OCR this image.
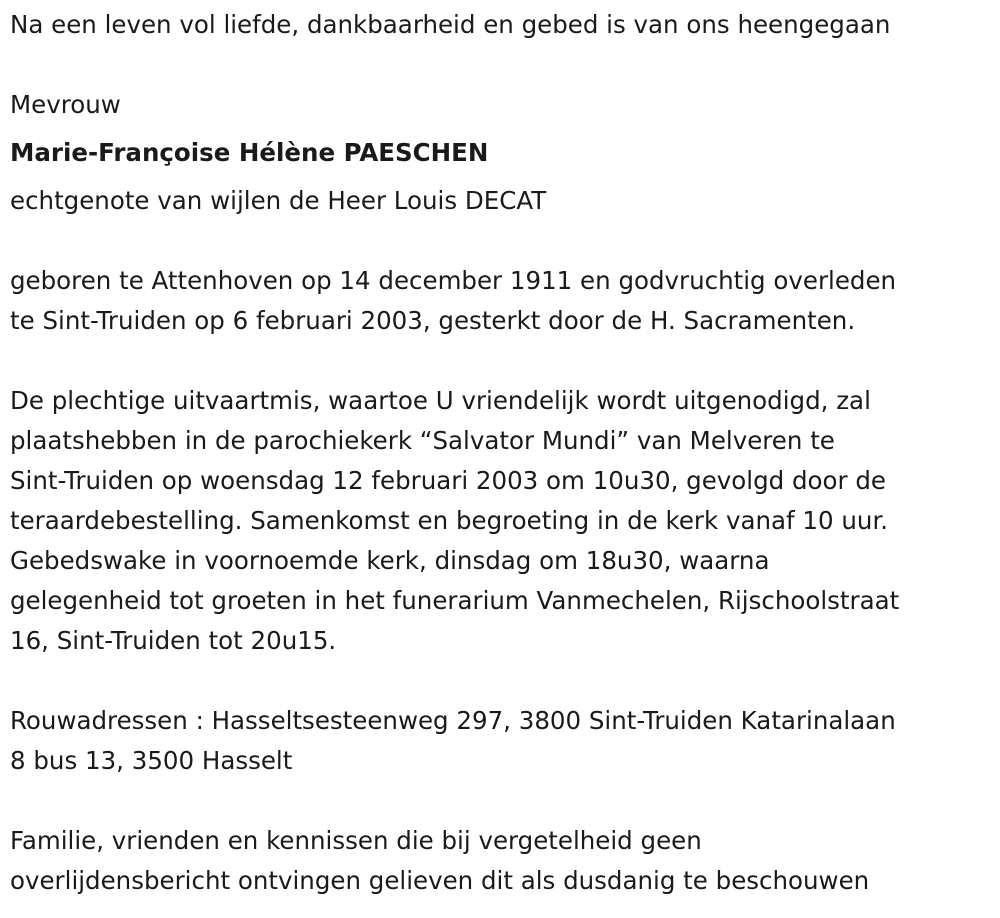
Na een leven vol liefde, dankbaarheid en gebed is van ons heengegaan
Mevrouw
Marie-Françoise Hélène PAESCHEN
echtgenote van wijlen de Heer Louis DECAT
geboren te Attenhoven op 14 december 1911 en godvruchtig overleden
te Sint-Truiden op 6 februari 2003, gesterkt door de H. Sacramenten.
De plechtige uitvaartmis, waartoe U vriendelijk wordt uitgenodigd, zal
plaatshebben in de parochiekerk “Salvator Mundi” van Melveren te
Sint-Truiden op woensdag 12 februari 2003 om 10u30, gevolgd door de
teraardebestelling. Samenkomst en begroeting in de kerk vanaf 10 uur.
Gebedswake in voornoemde kerk, dinsdag om 18u30, waarna
gelegenheid tot groeten in het funerarium Vanmechelen, Rijschoolstraat
16, Sint-Truiden tot 20u15.
Rouwadressen : Hasseltsesteenweg 297, 3800 Sint-Truiden Katarinalaan
8 bus 13, 3500 Hasselt
Familie, vrienden en kennissen die bij vergetelheid geen
overlijdensbericht ontvingen gelieven dit als dusdanig te beschouwen
